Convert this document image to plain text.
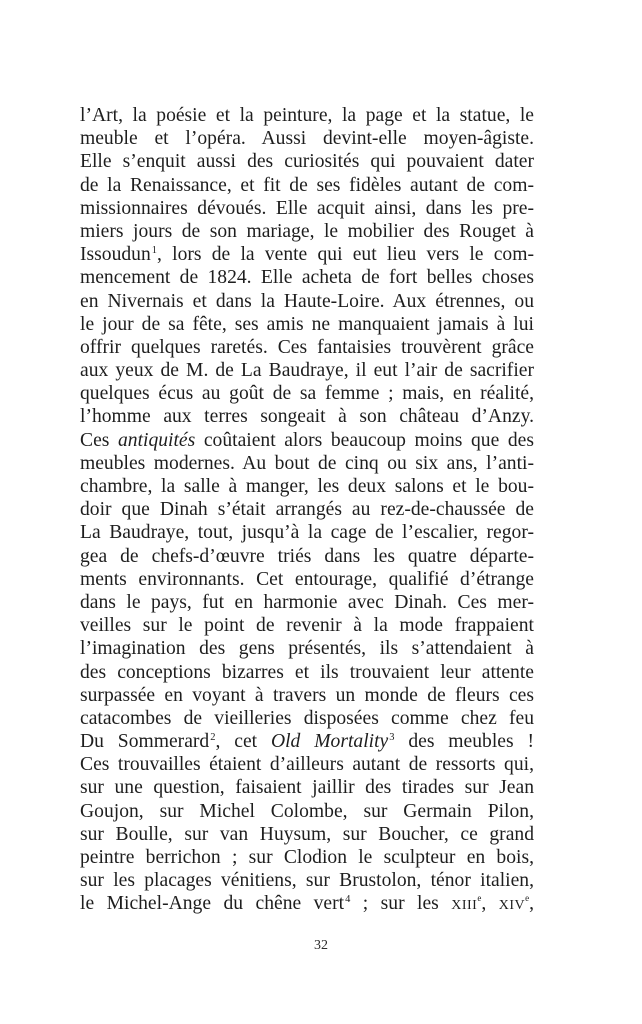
l’Art, la poésie et la peinture, la page et la statue, le
meuble et l’opéra. Aussi devint-elle moyen-âgiste.
Elle s’enquit aussi des curiosités qui pouvaient dater
de la Renaissance, et fit de ses fidèles autant de com-
missionnaires dévoués. Elle acquit ainsi, dans les pre-
miers jours de son mariage, le mobilier des Rouget à
Issoudun$^1$, lors de la vente qui eut lieu vers le com-
mencement de 1824. Elle acheta de fort belles choses
en Nivernais et dans la Haute-Loire. Aux étrennes, ou
le jour de sa fête, ses amis ne manquaient jamais à lui
offrir quelques raretés. Ces fantaisies trouvèrent grâce
aux yeux de M. de La Baudraye, il eut l’air de sacrifier
quelques écus au goût de sa femme ; mais, en réalité,
l’homme aux terres songeait à son château d’Anzy.
Ces antiquités coûtaient alors beaucoup moins que des
meubles modernes. Au bout de cinq ou six ans, l’anti-
chambre, la salle à manger, les deux salons et le bou-
doir que Dinah s’était arrangés au rez-de-chaussée de
La Baudraye, tout, jusqu’à la cage de l’escalier, regor-
gea de chefs-d’œuvre triés dans les quatre départe-
ments environnants. Cet entourage, qualifié d’étrange
dans le pays, fut en harmonie avec Dinah. Ces mer-
veilles sur le point de revenir à la mode frappaient
l’imagination des gens présentés, ils s’attendaient à
des conceptions bizarres et ils trouvaient leur attente
surpassée en voyant à travers un monde de fleurs ces
catacombes de vieilleries disposées comme chez feu
Du Sommerard$^2$, cet Old Mortality$^3$ des meubles !
Ces trouvailles étaient d’ailleurs autant de ressorts qui,
sur une question, faisaient jaillir des tirades sur Jean
Goujon, sur Michel Colombe, sur Germain Pilon,
sur Boulle, sur van Huysum, sur Boucher, ce grand
peintre berrichon ; sur Clodion le sculpteur en bois,
sur les placages vénitiens, sur Brustolon, ténor italien,
le Michel-Ange du chêne vert$^4$ ; sur les xiii$^e$, xiv$^e$,
32
